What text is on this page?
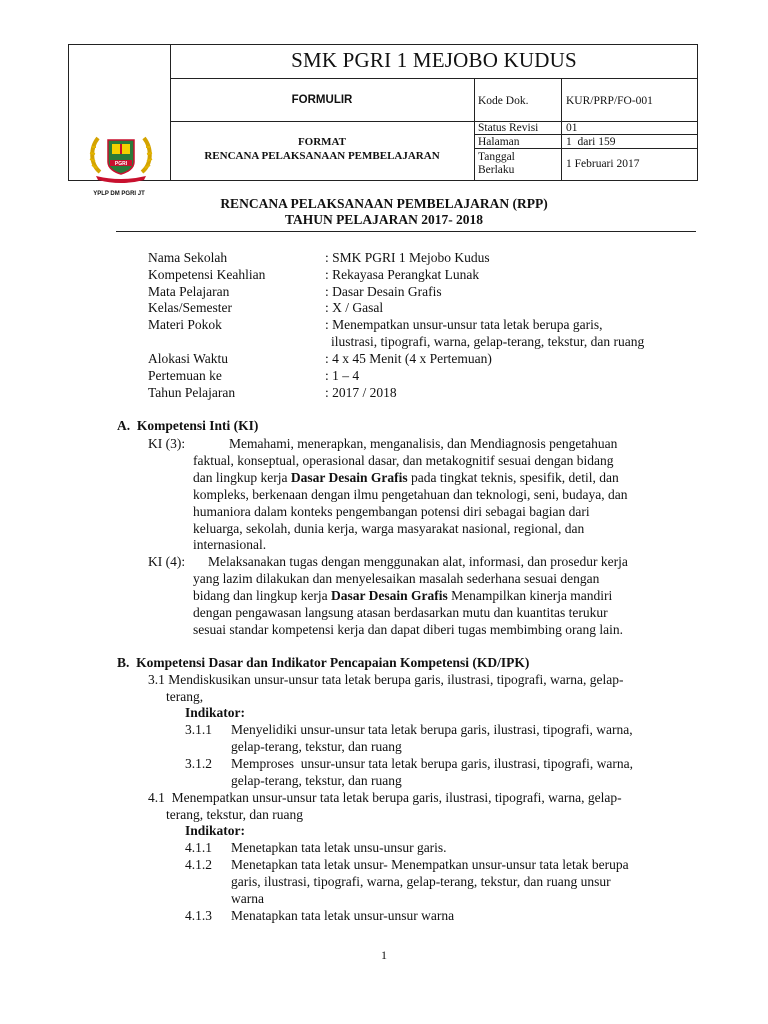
SMK PGRI 1 MEJOBO KUDUS
FORMULIR	Kode Dok.	KUR/PRP/FO-001
Status Revisi 01
Halaman	1  dari 159
Tanggal
Berlaku	1 Februari 2017
FORMAT
RENCANA PELAKSANAAN PEMBELAJARAN
PGRI
YPLP DM PGRI JT
RENCANA PELAKSANAAN PEMBELAJARAN (RPP)
TAHUN PELAJARAN 2017- 2018
Nama Sekolah	: SMK PGRI 1 Mejobo Kudus
Kompetensi Keahlian	: Rekayasa Perangkat Lunak
Mata Pelajaran	: Dasar Desain Grafis
Kelas/Semester	: X / Gasal
Materi Pokok	: Menempatkan unsur-unsur tata letak berupa garis,
ilustrasi, tipografi, warna, gelap-terang, tekstur, dan ruang
Alokasi Waktu	: 4 x 45 Menit (4 x Pertemuan)
Pertemuan ke	: 1 – 4
Tahun Pelajaran	: 2017 / 2018
A.  Kompetensi Inti (KI)
KI (3):	Memahami, menerapkan, menganalisis, dan Mendiagnosis pengetahuan
faktual, konseptual, operasional dasar, dan metakognitif sesuai dengan bidang
dan lingkup kerja Dasar Desain Grafis pada tingkat teknis, spesifik, detil, dan
kompleks, berkenaan dengan ilmu pengetahuan dan teknologi, seni, budaya, dan
humaniora dalam konteks pengembangan potensi diri sebagai bagian dari
keluarga, sekolah, dunia kerja, warga masyarakat nasional, regional, dan
internasional.
KI (4): Melaksanakan tugas dengan menggunakan alat, informasi, dan prosedur kerja
yang lazim dilakukan dan menyelesaikan masalah sederhana sesuai dengan
bidang dan lingkup kerja Dasar Desain Grafis Menampilkan kinerja mandiri
dengan pengawasan langsung atasan berdasarkan mutu dan kuantitas terukur
sesuai standar kompetensi kerja dan dapat diberi tugas membimbing orang lain.
B.  Kompetensi Dasar dan Indikator Pencapaian Kompetensi (KD/IPK)
3.1 Mendiskusikan unsur-unsur tata letak berupa garis, ilustrasi, tipografi, warna, gelap-
terang,
Indikator:
3.1.1 Menyelidiki unsur-unsur tata letak berupa garis, ilustrasi, tipografi, warna,
gelap-terang, tekstur, dan ruang
3.1.2 Memproses  unsur-unsur tata letak berupa garis, ilustrasi, tipografi, warna,
gelap-terang, tekstur, dan ruang
4.1  Menempatkan unsur-unsur tata letak berupa garis, ilustrasi, tipografi, warna, gelap-
terang, tekstur, dan ruang
Indikator:
4.1.1 Menetapkan tata letak unsu-unsur garis.
4.1.2 Menetapkan tata letak unsur- Menempatkan unsur-unsur tata letak berupa
garis, ilustrasi, tipografi, warna, gelap-terang, tekstur, dan ruang unsur
warna
4.1.3 Menatapkan tata letak unsur-unsur warna
1
